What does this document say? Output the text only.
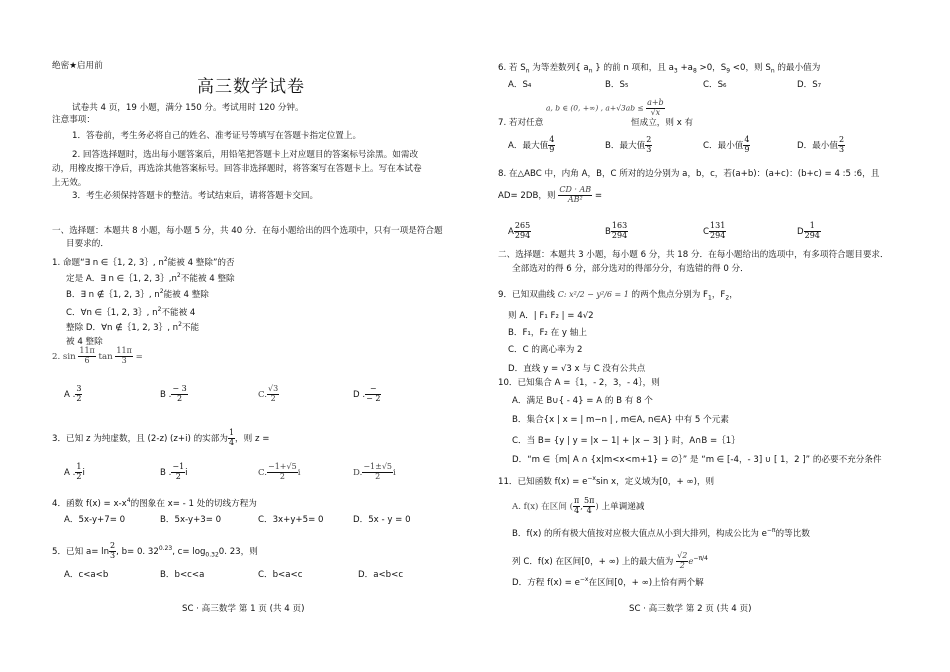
绝密★启用前
高三数学试卷
试卷共 4 页，19 小题，满分 150 分。考试用时 120 分钟。
注意事项：
1．答卷前，考生务必将自己的姓名、准考证号等填写在答题卡指定位置上。
2. 回答选择题时，选出每小题答案后，用铅笔把答题卡上对应题目的答案标号涂黑。如需改
动，用橡皮擦干净后，再选涂其他答案标号。回答非选择题时，将答案写在答题卡上。写在本试卷
上无效。
3．考生必须保持答题卡的整洁。考试结束后，请将答题卡交回。
一、选择题：本题共 8 小题，每小题 5 分，共 40 分．在每小题给出的四个选项中，只有一项是符合题
目要求的．
1. 命题“∃ n ∈｛1, 2, 3｝, $n^2$能被 4 整除”的否
定是 A．∃ n ∈｛1, 2, $3\},n^2$不能被 4 整除
B．∃ n ∉｛1, 2, 3｝, $n^2$能被 4 整除
C．∀n ∈｛1, 2, 3｝, $n^2$不能被 4
整除 D．∀n ∉｛1, 2, 3｝, $n^2$不能
被 4 整除
2. $\sin \frac{11\pi}{6}$ $\tan \frac{11\pi}{3}$ =
A . $\frac{3}{2}$	B . $\frac{- 3}{2}$	C. $\frac{√3}{2}$	D . $\frac{-}{- 2}$
3．已知 z 为纯虚数，且 (2-z) (z+i) 的实部为 $\frac{1}{4}$ ，则 z =
A . $\frac{1}{2}$ i	B . $\frac{-1}{2}$ i	C. $\frac{-1+√5}{2}$ i	D. $\frac{-1\pm√5}{2}$ i
4．函数 $f(x) = x-x^4$的图象在 x= - 1 处的切线方程为
A．5x-y+7= 0	B．5x-y+3= 0	C．3x+y+5= 0	D．5x - y = 0
5．已知 $a= \ln \frac{2}{3}$ , b= 0. $32^{0.23}$, $c= \log_{0.32}0$. 23，则
A．c<a<b	B．b<c<a	C．b<a<c	D．a<b<c
SC · 高三数学 第 1 页 (共 4 页)
6. 若 $S_n$ 为等差数列{ $a_n$ } 的前 n 项和，且 $a_3 +a_8 >0$，$S_9 <0$，则 $S_n$ 的最小值为
A．S₄	B．S₅	C．S₆	D．S₇
a, b ∈ (0, +∞) , $a+√3ab \le \frac{a+b}{√x}$
7. 若对任意	恒成立，则 x 有
A．最大值 $\frac{4}{9}$	B．最大值 $\frac{2}{3}$	C．最小值 $\frac{4}{9}$	D．最小值 $\frac{2}{3}$
8. 在△ABC 中，内角 A，B，C 所对的边分别为 a，b，c，若(a+b)：(a+c)：(b+c) = 4 :5 :6，且
AD= 2DB，则 $\frac{CD \cdot AB}{\text{AB²}}$ =
A $\frac{265}{294}$	B $\frac{163}{294}$	C $\frac{131}{294}$	D $\frac{1}{294}$
二、选择题：本题共 3 小题，每小题 6 分，共 18 分．在每小题给出的选项中，有多项符合题目要求．
全部选对的得 6 分，部分选对的得部分分，有选错的得 0 分．
9．已知双曲线 C: x²/2 − y²/6 = 1 的两个焦点分别为 $F_1$，$F_2$，
则 A．| F₁ F₂ | = 4√2
B．F₁，F₂ 在 y 轴上
C．C 的离心率为 2
D．直线 y = √3 x 与 C 没有公共点
10．已知集合 A =｛1，- 2，3，- 4｝，则
A．满足 B∪{ - 4} = A 的 B 有 8 个
B．集合{x | x = | m−n | , m∈A, n∈A} 中有 5 个元素
C．当 B= {y | y = |x − 1| + |x − 3| } 时，A∩B =｛1｝
D．“m ∈｛m| A ∩ {x|m<x<m+1} = ∅｝” 是 “m ∈ [-4，- 3] ∪ [ 1，2 ]” 的必要不充分条件
11．已知函数 $f(x) = e^{-x}\sin$ x，定义域为[0，+ ∞)，则
A. f(x) 在区间 ( $\frac{\pi}{4}$ , $\frac{5\pi}{4}$ ) 上单调递减
B．f(x) 的所有极大值按对应极大值点从小到大排列，构成公比为 $e^{-\pi}$的等比数
列 C．f(x) 在区间[0，+ ∞) 上的最大值为 $\frac{√2}{2} e^{-\pi/4}$
D．方程 $f(x) = e^{-x}$在区间[0，+ ∞)上恰有两个解
SC · 高三数学 第 2 页 (共 4 页)
